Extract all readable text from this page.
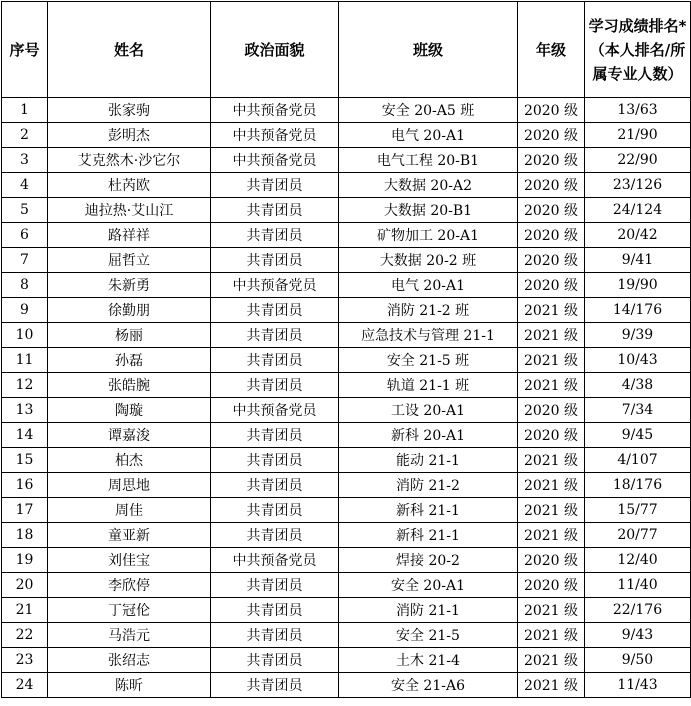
序号	姓名	政治面貌	班级	年级	学习成绩排名*（本人排名/所属专业人数）
1	张家驹	中共预备党员	安全 20-A5 班	2020 级	13/63
2	彭明杰	中共预备党员	电气 20-A1	2020 级	21/90
3	艾克然木·沙它尔	中共预备党员	电气工程 20-B1	2020 级	22/90
4	杜芮欧	共青团员	大数据 20-A2	2020 级	23/126
5	迪拉热·艾山江	共青团员	大数据 20-B1	2020 级	24/124
6	路祥祥	共青团员	矿物加工 20-A1	2020 级	20/42
7	屈哲立	共青团员	大数据 20-2 班	2020 级	9/41
8	朱新勇	中共预备党员	电气 20-A1	2020 级	19/90
9	徐勤朋	共青团员	消防 21-2 班	2021 级	14/176
10	杨丽	共青团员	应急技术与管理 21-1	2021 级	9/39
11	孙磊	共青团员	安全 21-5 班	2021 级	10/43
12	张皓腕	共青团员	轨道 21-1 班	2021 级	4/38
13	陶璇	中共预备党员	工设 20-A1	2020 级	7/34
14	谭嘉浚	共青团员	新科 20-A1	2020 级	9/45
15	柏杰	共青团员	能动 21-1	2021 级	4/107
16	周思地	共青团员	消防 21-2	2021 级	18/176
17	周佳	共青团员	新科 21-1	2021 级	15/77
18	童亚新	共青团员	新科 21-1	2021 级	20/77
19	刘佳宝	中共预备党员	焊接 20-2	2020 级	12/40
20	李欣停	共青团员	安全 20-A1	2020 级	11/40
21	丁冠伦	共青团员	消防 21-1	2021 级	22/176
22	马浩元	共青团员	安全 21-5	2021 级	9/43
23	张绍志	共青团员	土木 21-4	2021 级	9/50
24	陈昕	共青团员	安全 21-A6	2021 级	11/43
